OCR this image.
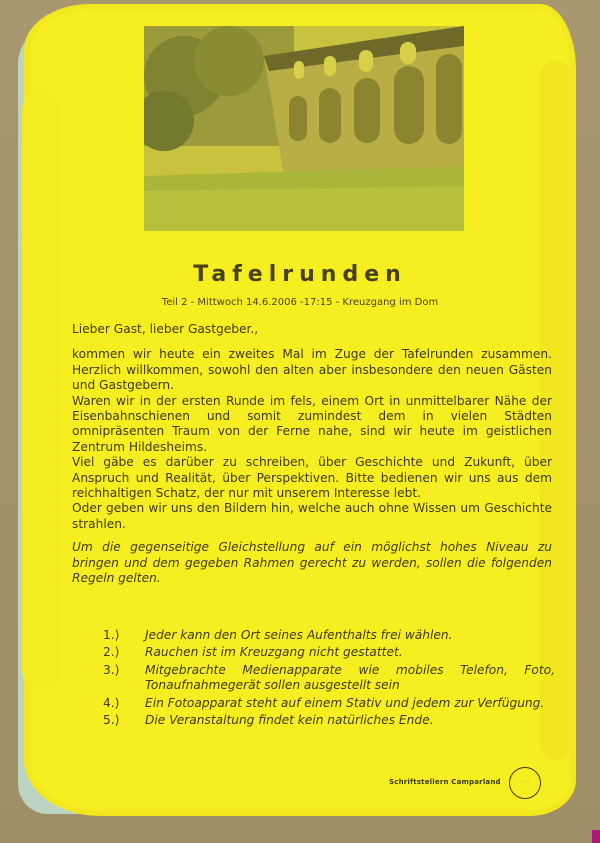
Tafelrunden
Teil 2 - Mittwoch 14.6.2006 -17:15 - Kreuzgang im Dom

Lieber Gast, lieber Gastgeber.,

kommen wir heute ein zweites Mal im Zuge der Tafelrunden zusammen. Herzlich willkommen, sowohl den alten aber insbesondere den neuen Gästen und Gastgebern.

Waren wir in der ersten Runde im fels, einem Ort in unmittelbarer Nähe der Eisenbahnschienen und somit zumindest dem in vielen Städten omnipräsenten Traum von der Ferne nahe, sind wir heute im geistlichen Zentrum Hildesheims.

Viel gäbe es darüber zu schreiben, über Geschichte und Zukunft, über Anspruch und Realität, über Perspektiven. Bitte bedienen wir uns aus dem reichhaltigen Schatz, der nur mit unserem Interesse lebt.

Oder geben wir uns den Bildern hin, welche auch ohne Wissen um Geschichte strahlen.

Um die gegenseitige Gleichstellung auf ein möglichst hohes Niveau zu bringen und dem gegeben Rahmen gerecht zu werden, sollen die folgenden Regeln gelten.

1.)	Jeder kann den Ort seines Aufenthalts frei wählen.
2.)	Rauchen ist im Kreuzgang nicht gestattet.
3.)	Mitgebrachte Medienapparate wie mobiles Telefon, Foto, Tonaufnahmegerät sollen ausgestellt sein
4.)	Ein Fotoapparat steht auf einem Stativ und jedem zur Verfügung.
5.)	Die Veranstaltung findet kein natürliches Ende.
Schriftstellern Camparland	◦ ◦ ◦
